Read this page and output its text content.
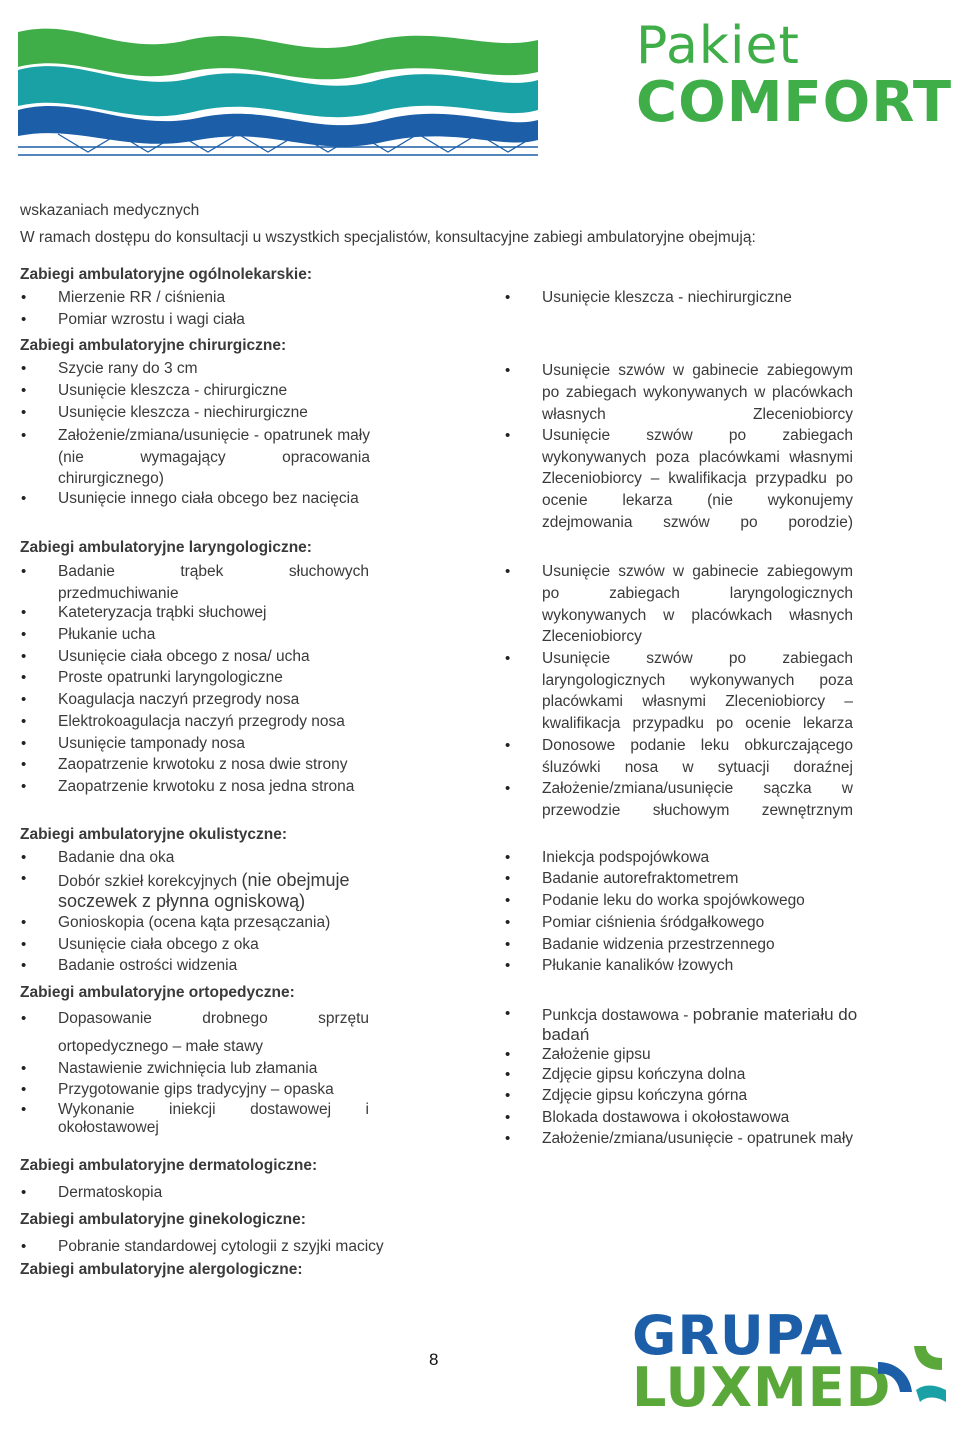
Pakiet
COMFORT
wskazaniach medycznych
W ramach dostępu do konsultacji u wszystkich specjalistów, konsultacyjne zabiegi ambulatoryjne obejmują:
Zabiegi ambulatoryjne ogólnolekarskie:
• Mierzenie RR / ciśnienia
• Pomiar wzrostu i wagi ciała
• Usunięcie kleszcza - niechirurgiczne
Zabiegi ambulatoryjne chirurgiczne:
• Szycie rany do 3 cm
• Usunięcie kleszcza - chirurgiczne
• Usunięcie kleszcza - niechirurgiczne
• Założenie/zmiana/usunięcie - opatrunek mały (nie wymagający opracowania chirurgicznego)
• Usunięcie innego ciała obcego bez nacięcia
• Usunięcie szwów w gabinecie zabiegowym po zabiegach wykonywanych w placówkach własnych Zleceniobiorcy
• Usunięcie szwów po zabiegach wykonywanych poza placówkami własnymi Zleceniobiorcy – kwalifikacja przypadku po ocenie lekarza (nie wykonujemy zdejmowania szwów po porodzie)
Zabiegi ambulatoryjne laryngologiczne:
• Badanie trąbek słuchowych przedmuchiwanie
• Kateteryzacja trąbki słuchowej
• Płukanie ucha
• Usunięcie ciała obcego z nosa/ ucha
• Proste opatrunki laryngologiczne
• Koagulacja naczyń przegrody nosa
• Elektrokoagulacja naczyń przegrody nosa
• Usunięcie tamponady nosa
• Zaopatrzenie krwotoku z nosa dwie strony
• Zaopatrzenie krwotoku z nosa jedna strona
• Usunięcie szwów w gabinecie zabiegowym po zabiegach laryngologicznych wykonywanych w placówkach własnych Zleceniobiorcy
• Usunięcie szwów po zabiegach laryngologicznych wykonywanych poza placówkami własnymi Zleceniobiorcy – kwalifikacja przypadku po ocenie lekarza
• Donosowe podanie leku obkurczającego śluzówki nosa w sytuacji doraźnej
• Założenie/zmiana/usunięcie sączka w przewodzie słuchowym zewnętrznym
Zabiegi ambulatoryjne okulistyczne:
• Badanie dna oka
• Dobór szkieł korekcyjnych (nie obejmuje soczewek z płynna ogniskową)
• Gonioskopia (ocena kąta przesączania)
• Usunięcie ciała obcego z oka
• Badanie ostrości widzenia
• Iniekcja podspojówkowa
• Badanie autorefraktometrem
• Podanie leku do worka spojówkowego
• Pomiar ciśnienia śródgałkowego
• Badanie widzenia przestrzennego
• Płukanie kanalików łzowych
Zabiegi ambulatoryjne ortopedyczne:
• Dopasowanie drobnego sprzętu
ortopedycznego – małe stawy
• Nastawienie zwichnięcia lub złamania
• Przygotowanie gips tradycyjny – opaska
• Wykonanie iniekcji dostawowej i
okołostawowej
• Punkcja dostawowa - pobranie materiału do badań
• Założenie gipsu
• Zdjęcie gipsu kończyna dolna
• Zdjęcie gipsu kończyna górna
• Blokada dostawowa i okołostawowa
• Założenie/zmiana/usunięcie - opatrunek mały
Zabiegi ambulatoryjne dermatologiczne:
• Dermatoskopia
Zabiegi ambulatoryjne ginekologiczne:
• Pobranie standardowej cytologii z szyjki macicy
Zabiegi ambulatoryjne alergologiczne:
8	GRUPA
LUXMED
